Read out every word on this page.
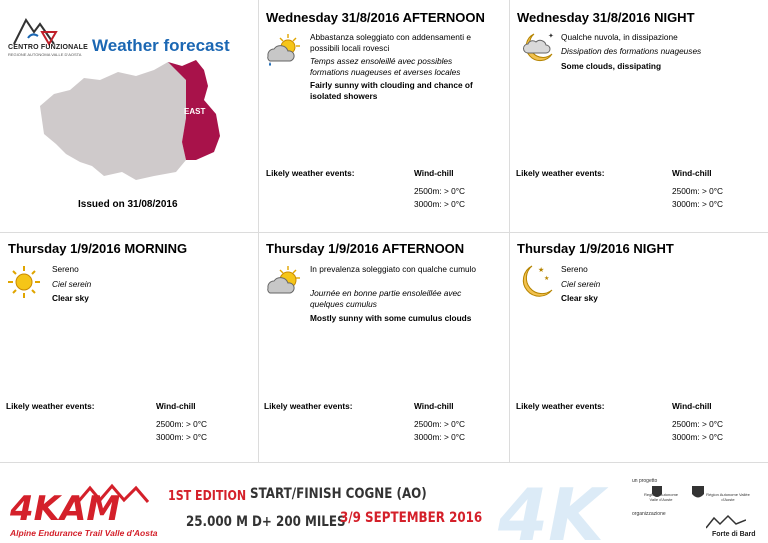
CENTRO FUNZIONALE
REGIONE AUTONOMA VALLE D'AOSTA Weather forecast
EAST
Issued on 31/08/2016
Wednesday 31/8/2016 AFTERNOON
Abbastanza soleggiato con addensamenti e possibili locali rovesci
Temps assez ensoleillé avec possibles formations nuageuses et averses locales
Fairly sunny with clouding and chance of isolated showers
Likely weather events:	Wind-chill
2500m: > 0°C
3000m: > 0°C
Wednesday 31/8/2016 NIGHT
✦ Qualche nuvola, in dissipazione
Dissipation des formations nuageuses
Some clouds, dissipating
Likely weather events:	Wind-chill
2500m: > 0°C
3000m: > 0°C
Thursday 1/9/2016 MORNING
Sereno
Ciel serein
Clear sky
Likely weather events:	Wind-chill
2500m: > 0°C
3000m: > 0°C
Thursday 1/9/2016 AFTERNOON
In prevalenza soleggiato con qualche cumulo
Journée en bonne partie ensoleillée avec quelques cumulus
Mostly sunny with some cumulus clouds
Likely weather events:	Wind-chill
2500m: > 0°C
3000m: > 0°C
Thursday 1/9/2016 NIGHT
★
★
Sereno
Ciel serein
Clear sky
Likely weather events:	Wind-chill
2500m: > 0°C
3000m: > 0°C
4KAM
Alpine Endurance Trail Valle d'Aosta
1ST EDITION START/FINISH COGNE (AO)
25.000 M D+ 200 MILES
3/9 SEPTEMBER 2016 4K	un progetto
Regione Autonome Valle d'Aoste
Région Autonome Vallée d'Aoste
organizzazione
Forte di Bard
